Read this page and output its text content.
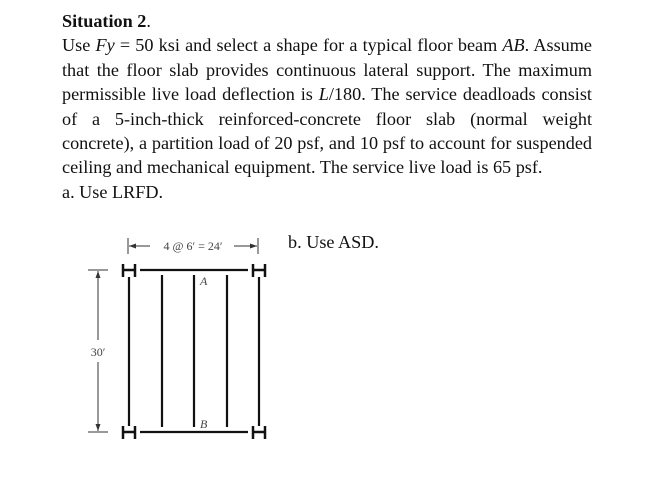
Situation 2.

Use Fy = 50 ksi and select a shape for a typical floor beam AB. Assume that the floor slab provides continuous lateral support. The maximum permissible live load deflection is L/180. The service deadloads consist of a 5-inch-thick reinforced-concrete floor slab (normal weight concrete), a partition load of 20 psf, and 10 psf to account for suspended ceiling and mechanical equipment. The service live load is 65 psf.

a. Use LRFD.

b. Use ASD.

4 @ 6′ = 24′
30′
A
B
